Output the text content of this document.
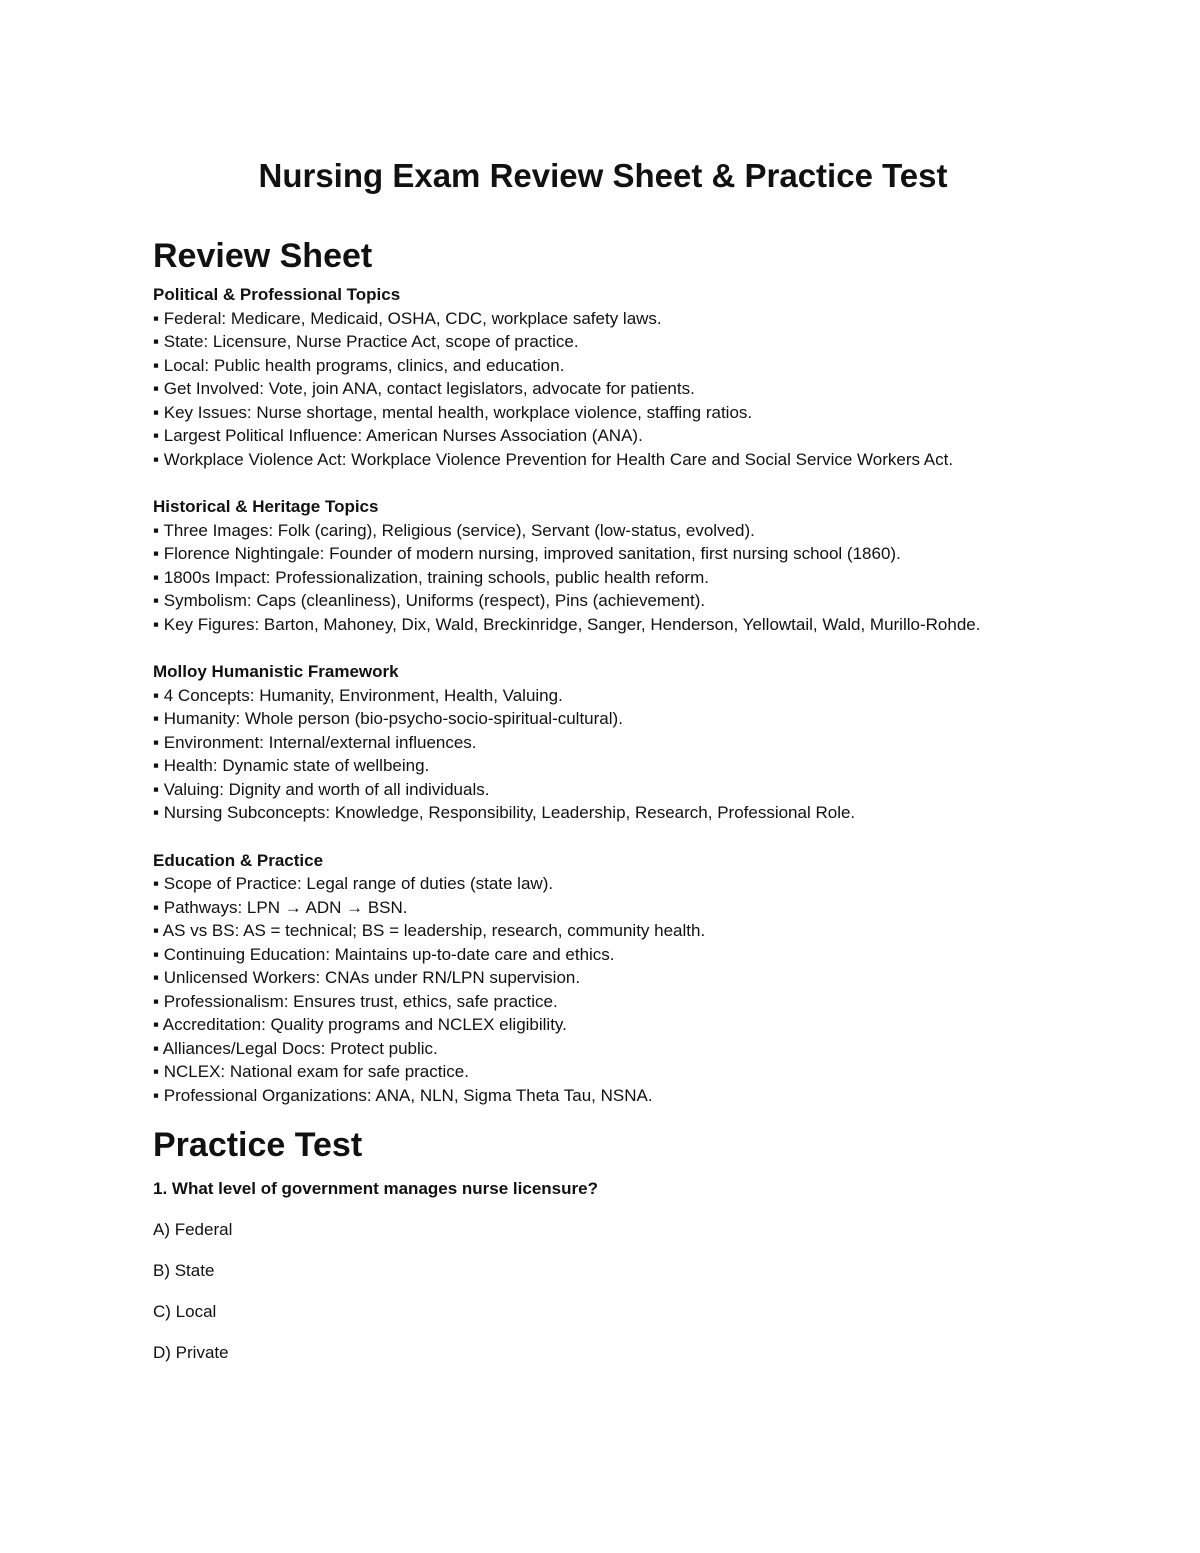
Nursing Exam Review Sheet & Practice Test
Review Sheet

Political & Professional Topics

▪ Federal: Medicare, Medicaid, OSHA, CDC, workplace safety laws.

▪ State: Licensure, Nurse Practice Act, scope of practice.

▪ Local: Public health programs, clinics, and education.

▪ Get Involved: Vote, join ANA, contact legislators, advocate for patients.

▪ Key Issues: Nurse shortage, mental health, workplace violence, staffing ratios.

▪ Largest Political Influence: American Nurses Association (ANA).

▪ Workplace Violence Act: Workplace Violence Prevention for Health Care and Social Service Workers Act.

Historical & Heritage Topics

▪ Three Images: Folk (caring), Religious (service), Servant (low-status, evolved).

▪ Florence Nightingale: Founder of modern nursing, improved sanitation, first nursing school (1860).

▪ 1800s Impact: Professionalization, training schools, public health reform.

▪ Symbolism: Caps (cleanliness), Uniforms (respect), Pins (achievement).

▪ Key Figures: Barton, Mahoney, Dix, Wald, Breckinridge, Sanger, Henderson, Yellowtail, Wald, Murillo-Rohde.

Molloy Humanistic Framework

▪ 4 Concepts: Humanity, Environment, Health, Valuing.

▪ Humanity: Whole person (bio-psycho-socio-spiritual-cultural).

▪ Environment: Internal/external influences.

▪ Health: Dynamic state of wellbeing.

▪ Valuing: Dignity and worth of all individuals.

▪ Nursing Subconcepts: Knowledge, Responsibility, Leadership, Research, Professional Role.

Education & Practice

▪ Scope of Practice: Legal range of duties (state law).

▪ Pathways: LPN → ADN → BSN.

▪ AS vs BS: AS = technical; BS = leadership, research, community health.

▪ Continuing Education: Maintains up-to-date care and ethics.

▪ Unlicensed Workers: CNAs under RN/LPN supervision.

▪ Professionalism: Ensures trust, ethics, safe practice.

▪ Accreditation: Quality programs and NCLEX eligibility.

▪ Alliances/Legal Docs: Protect public.

▪ NCLEX: National exam for safe practice.

▪ Professional Organizations: ANA, NLN, Sigma Theta Tau, NSNA.

Practice Test

1. What level of government manages nurse licensure?

A) Federal

B) State

C) Local

D) Private
